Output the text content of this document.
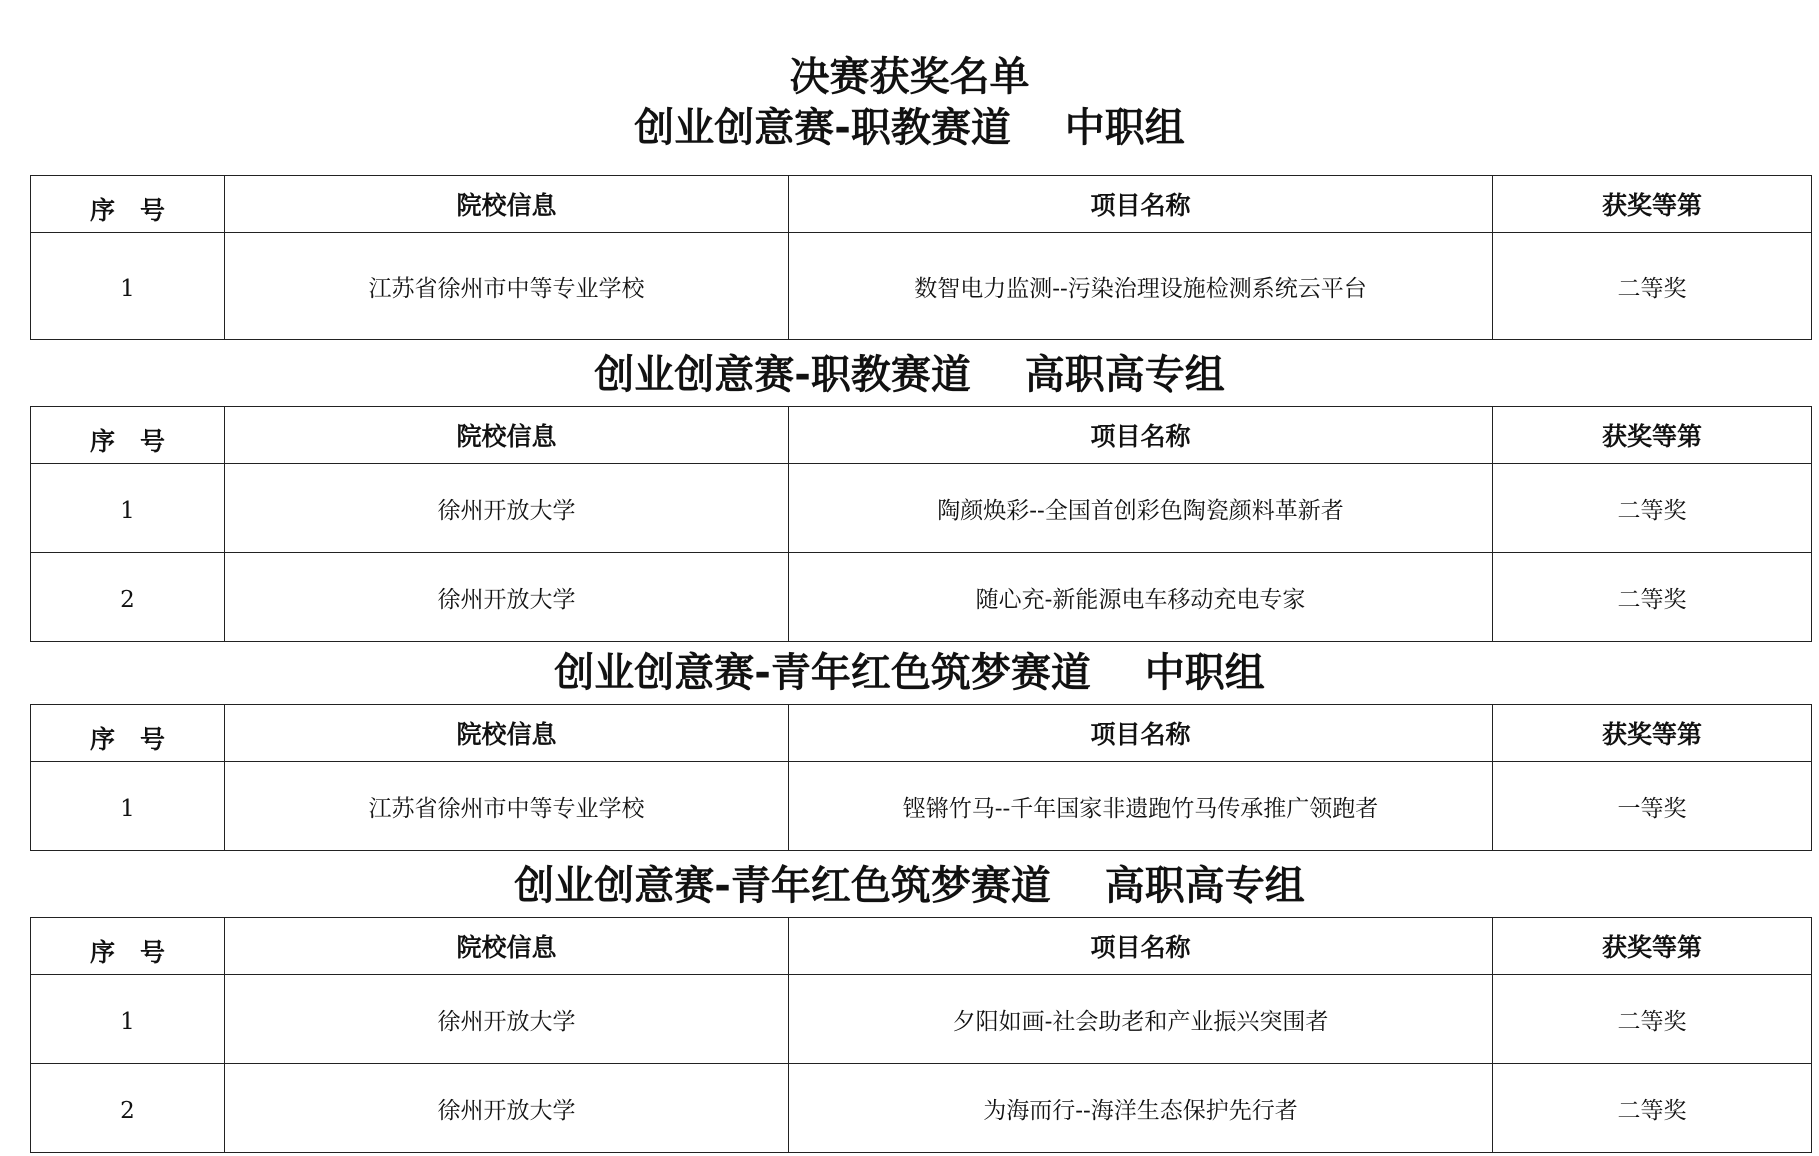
决赛获奖名单
创业创意赛-职教赛道　 中职组
序　号	院校信息	项目名称	获奖等第
1	江苏省徐州市中等专业学校	数智电力监测--污染治理设施检测系统云平台	二等奖
创业创意赛-职教赛道　 高职高专组
序　号	院校信息	项目名称	获奖等第
1	徐州开放大学	陶颜焕彩--全国首创彩色陶瓷颜料革新者	二等奖
2	徐州开放大学	随心充-新能源电车移动充电专家	二等奖
创业创意赛-青年红色筑梦赛道　 中职组
序　号	院校信息	项目名称	获奖等第
1	江苏省徐州市中等专业学校	铿锵竹马--千年国家非遗跑竹马传承推广领跑者	一等奖
创业创意赛-青年红色筑梦赛道　 高职高专组
序　号	院校信息	项目名称	获奖等第
1	徐州开放大学	夕阳如画-社会助老和产业振兴突围者	二等奖
2	徐州开放大学	为海而行--海洋生态保护先行者	二等奖
